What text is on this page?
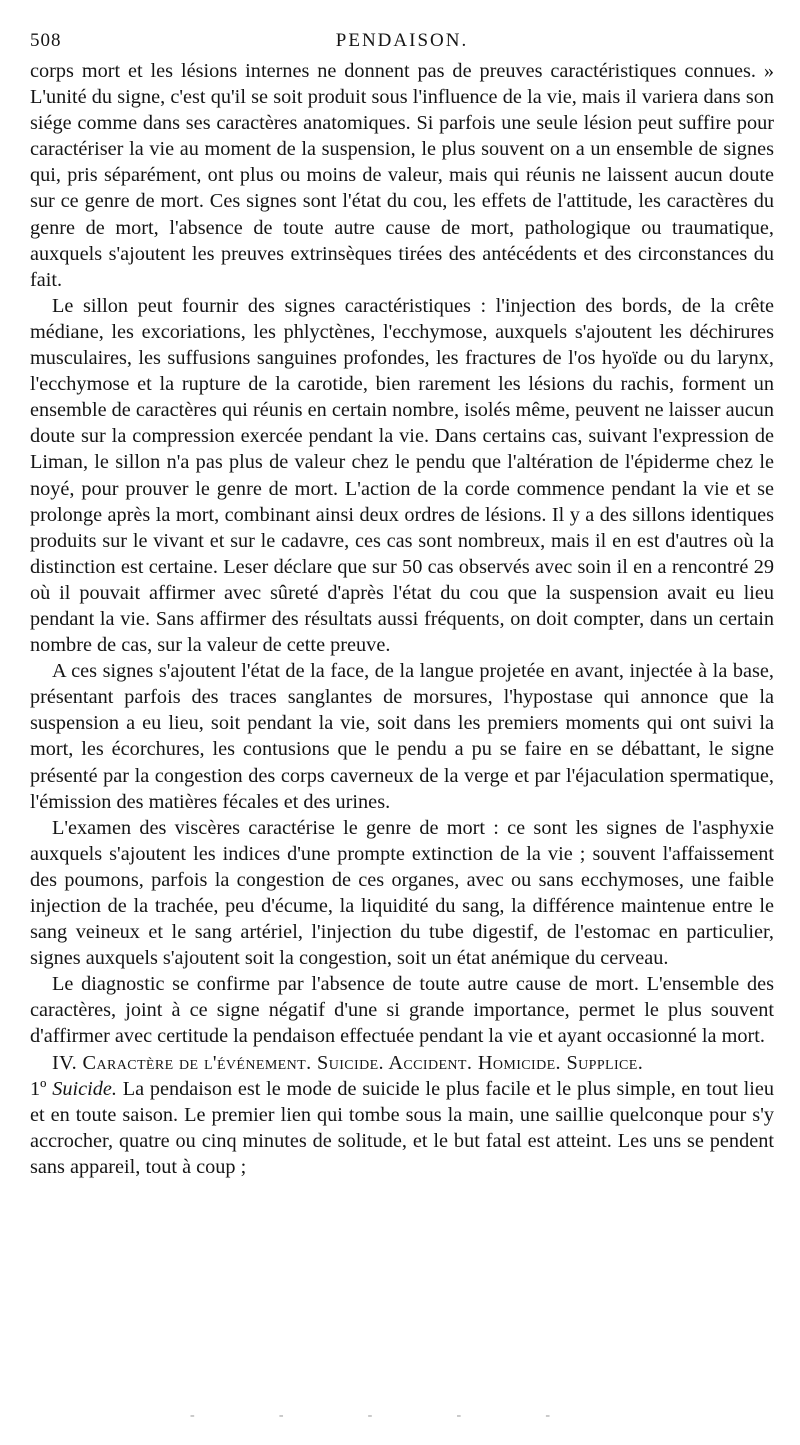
508	PENDAISON.

corps mort et les lésions internes ne donnent pas de preuves caractéristiques connues. » L'unité du signe, c'est qu'il se soit produit sous l'influence de la vie, mais il variera dans son siége comme dans ses caractères anatomiques. Si parfois une seule lésion peut suffire pour caractériser la vie au moment de la suspension, le plus souvent on a un ensemble de signes qui, pris séparément, ont plus ou moins de valeur, mais qui réunis ne laissent aucun doute sur ce genre de mort. Ces signes sont l'état du cou, les effets de l'attitude, les caractères du genre de mort, l'absence de toute autre cause de mort, pathologique ou traumatique, auxquels s'ajoutent les preuves extrinsèques tirées des antécédents et des circonstances du fait.

Le sillon peut fournir des signes caractéristiques : l'injection des bords, de la crête médiane, les excoriations, les phlyctènes, l'ecchymose, auxquels s'ajoutent les déchirures musculaires, les suffusions sanguines profondes, les fractures de l'os hyoïde ou du larynx, l'ecchymose et la rupture de la carotide, bien rarement les lésions du rachis, forment un ensemble de caractères qui réunis en certain nombre, isolés même, peuvent ne laisser aucun doute sur la compression exercée pendant la vie. Dans certains cas, suivant l'expression de Liman, le sillon n'a pas plus de valeur chez le pendu que l'altération de l'épiderme chez le noyé, pour prouver le genre de mort. L'action de la corde commence pendant la vie et se prolonge après la mort, combinant ainsi deux ordres de lésions. Il y a des sillons identiques produits sur le vivant et sur le cadavre, ces cas sont nombreux, mais il en est d'autres où la distinction est certaine. Leser déclare que sur 50 cas observés avec soin il en a rencontré 29 où il pouvait affirmer avec sûreté d'après l'état du cou que la suspension avait eu lieu pendant la vie. Sans affirmer des résultats aussi fréquents, on doit compter, dans un certain nombre de cas, sur la valeur de cette preuve.

A ces signes s'ajoutent l'état de la face, de la langue projetée en avant, injectée à la base, présentant parfois des traces sanglantes de morsures, l'hypostase qui annonce que la suspension a eu lieu, soit pendant la vie, soit dans les premiers moments qui ont suivi la mort, les écorchures, les contusions que le pendu a pu se faire en se débattant, le signe présenté par la congestion des corps caverneux de la verge et par l'éjaculation spermatique, l'émission des matières fécales et des urines.

L'examen des viscères caractérise le genre de mort : ce sont les signes de l'asphyxie auxquels s'ajoutent les indices d'une prompte extinction de la vie ; souvent l'affaissement des poumons, parfois la congestion de ces organes, avec ou sans ecchymoses, une faible injection de la trachée, peu d'écume, la liquidité du sang, la différence maintenue entre le sang veineux et le sang artériel, l'injection du tube digestif, de l'estomac en particulier, signes auxquels s'ajoutent soit la congestion, soit un état anémique du cerveau.

Le diagnostic se confirme par l'absence de toute autre cause de mort. L'ensemble des caractères, joint à ce signe négatif d'une si grande importance, permet le plus souvent d'affirmer avec certitude la pendaison effectuée pendant la vie et ayant occasionné la mort.

IV. Caractère de l'événement. Suicide. Accident. Homicide. Supplice.

1º Suicide. La pendaison est le mode de suicide le plus facile et le plus simple, en tout lieu et en toute saison. Le premier lien qui tombe sous la main, une saillie quelconque pour s'y accrocher, quatre ou cinq minutes de solitude, et le but fatal est atteint. Les uns se pendent sans appareil, tout à coup ;

-	-	-	-	-
